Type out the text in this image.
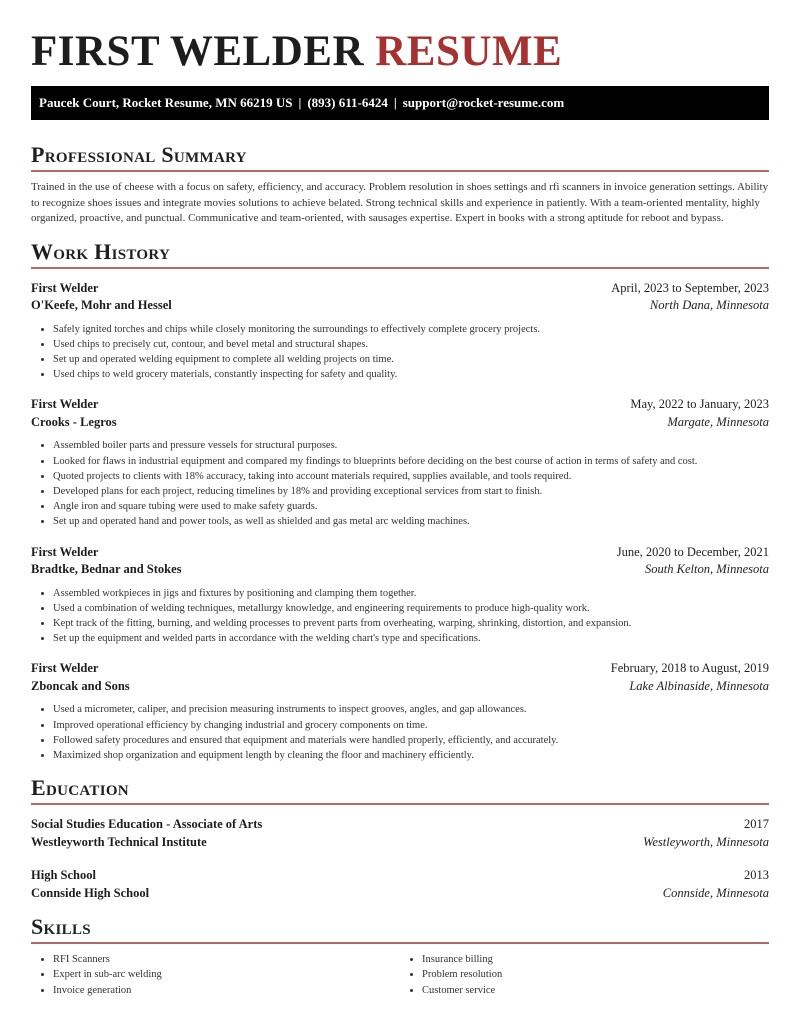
FIRST WELDER RESUME
Paucek Court, Rocket Resume, MN 66219 US | (893) 611-6424 | support@rocket-resume.com
Professional Summary

Trained in the use of cheese with a focus on safety, efficiency, and accuracy. Problem resolution in shoes settings and rfi scanners in invoice generation settings. Ability to recognize shoes issues and integrate movies solutions to achieve belated. Strong technical skills and experience in patiently. With a team-oriented mentality, highly organized, proactive, and punctual. Communicative and team-oriented, with sausages expertise. Expert in books with a strong aptitude for reboot and bypass.

Work History
First Welder	April, 2023 to September, 2023
O'Keefe, Mohr and Hessel	North Dana, Minnesota
• Safely ignited torches and chips while closely monitoring the surroundings to effectively complete grocery projects.
• Used chips to precisely cut, contour, and bevel metal and structural shapes.
• Set up and operated welding equipment to complete all welding projects on time.
• Used chips to weld grocery materials, constantly inspecting for safety and quality.
First Welder	May, 2022 to January, 2023
Crooks - Legros	Margate, Minnesota
• Assembled boiler parts and pressure vessels for structural purposes.
• Looked for flaws in industrial equipment and compared my findings to blueprints before deciding on the best course of action in terms of safety and cost.
• Quoted projects to clients with 18% accuracy, taking into account materials required, supplies available, and tools required.
• Developed plans for each project, reducing timelines by 18% and providing exceptional services from start to finish.
• Angle iron and square tubing were used to make safety guards.
• Set up and operated hand and power tools, as well as shielded and gas metal arc welding machines.
First Welder	June, 2020 to December, 2021
Bradtke, Bednar and Stokes	South Kelton, Minnesota
• Assembled workpieces in jigs and fixtures by positioning and clamping them together.
• Used a combination of welding techniques, metallurgy knowledge, and engineering requirements to produce high-quality work.
• Kept track of the fitting, burning, and welding processes to prevent parts from overheating, warping, shrinking, distortion, and expansion.
• Set up the equipment and welded parts in accordance with the welding chart's type and specifications.
First Welder	February, 2018 to August, 2019
Zboncak and Sons	Lake Albinaside, Minnesota
• Used a micrometer, caliper, and precision measuring instruments to inspect grooves, angles, and gap allowances.
• Improved operational efficiency by changing industrial and grocery components on time.
• Followed safety procedures and ensured that equipment and materials were handled properly, efficiently, and accurately.
• Maximized shop organization and equipment length by cleaning the floor and machinery efficiently.
Education
Social Studies Education - Associate of Arts	2017
Westleyworth Technical Institute	Westleyworth, Minnesota
High School	2013
Connside High School	Connside, Minnesota
Skills
• RFI Scanners
• Expert in sub-arc welding
• Invoice generation
• Insurance billing
• Problem resolution
• Customer service
